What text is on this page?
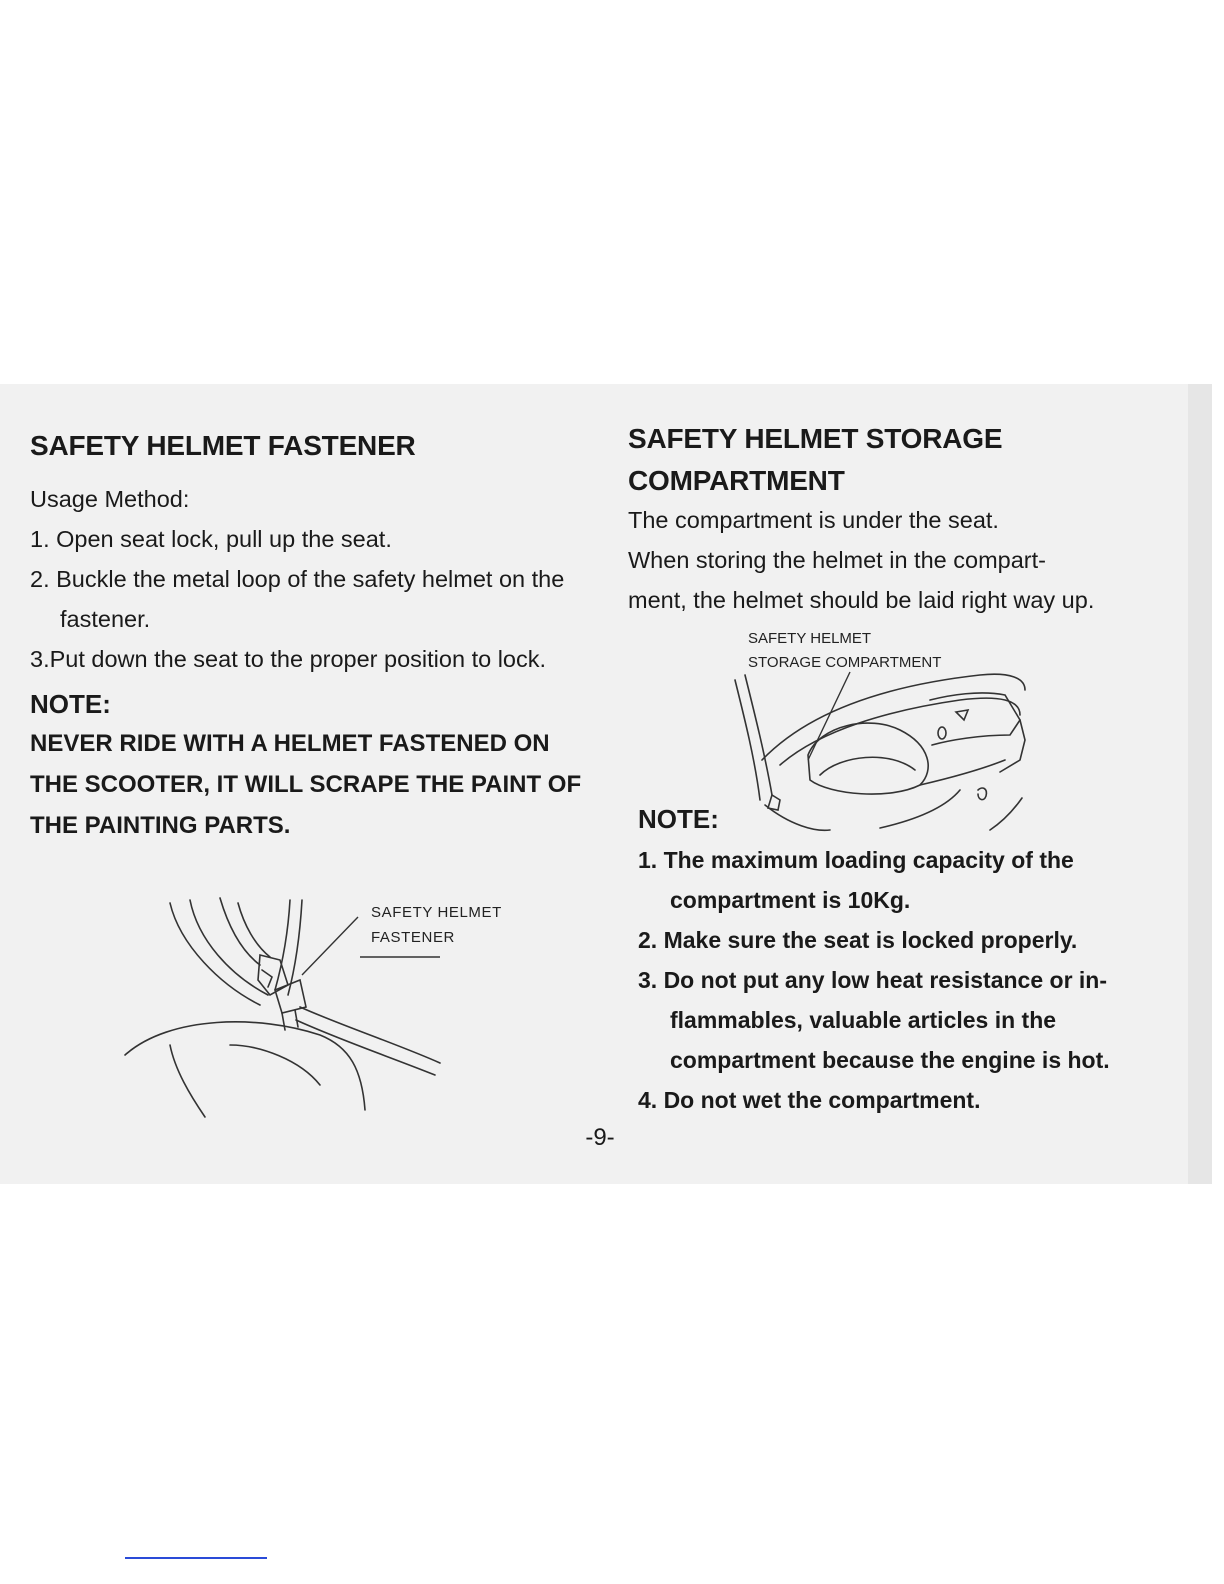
SAFETY HELMET FASTENER

Usage Method:

1. Open seat lock, pull up the seat.

2. Buckle the metal loop of the safety helmet on the fastener.

3.Put down the seat to the proper position to lock.

NOTE:

NEVER RIDE WITH A HELMET FASTENED ON THE SCOOTER, IT WILL SCRAPE THE PAINT OF THE PAINTING PARTS.

SAFETY HELMET
FASTENER
SAFETY HELMET STORAGE
COMPARTMENT

The compartment is under the seat.

When storing the helmet in the compart-

ment, the helmet should be laid right way up.

SAFETY HELMET
STORAGE COMPARTMENT

NOTE:

1. The maximum loading capacity of the compartment is 10Kg.

2. Make sure the seat is locked properly.

3. Do not put any low heat resistance or in- flammables, valuable articles in the compartment because the engine is hot.

4. Do not wet the compartment.

-9-
